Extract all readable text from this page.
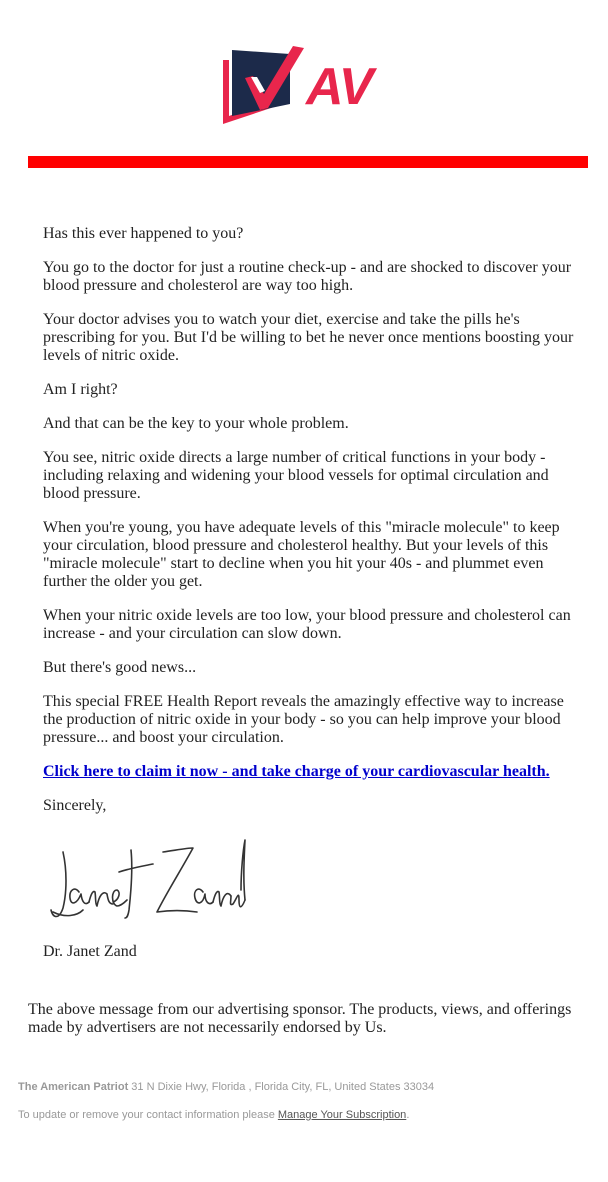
AV

Has this ever happened to you?

You go to the doctor for just a routine check-up - and are shocked to discover your blood pressure and cholesterol are way too high.

Your doctor advises you to watch your diet, exercise and take the pills he's prescribing for you. But I'd be willing to bet he never once mentions boosting your levels of nitric oxide.

Am I right?

And that can be the key to your whole problem.

You see, nitric oxide directs a large number of critical functions in your body - including relaxing and widening your blood vessels for optimal circulation and blood pressure.

When you're young, you have adequate levels of this "miracle molecule" to keep your circulation, blood pressure and cholesterol healthy. But your levels of this "miracle molecule" start to decline when you hit your 40s - and plummet even further the older you get.

When your nitric oxide levels are too low, your blood pressure and cholesterol can increase - and your circulation can slow down.

But there's good news...

This special FREE Health Report reveals the amazingly effective way to increase the production of nitric oxide in your body - so you can help improve your blood pressure... and boost your circulation.

Click here to claim it now - and take charge of your cardiovascular health.

Sincerely,

Dr. Janet Zand
The above message from our advertising sponsor. The products, views, and offerings made by advertisers are not necessarily endorsed by Us.
The American Patriot 31 N Dixie Hwy, Florida , Florida City, FL, United States 33034
To update or remove your contact information please Manage Your Subscription.
